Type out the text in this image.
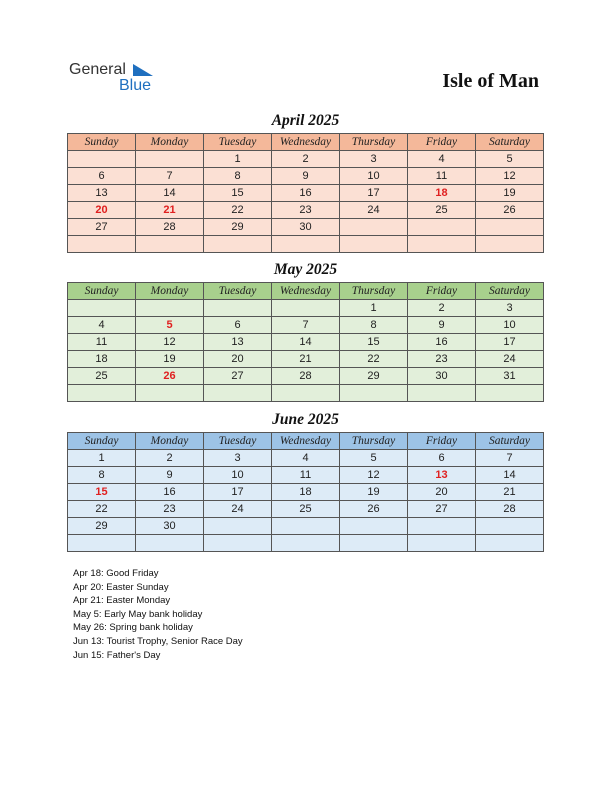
General
Blue	Isle of Man
April 2025
Sunday	Monday	Tuesday	Wednesday	Thursday	Friday	Saturday
		1	2	3	4	5
6	7	8	9	10	11	12
13	14	15	16	17	18	19
20	21	22	23	24	25	26
27	28	29	30			

May 2025
Sunday	Monday	Tuesday	Wednesday	Thursday	Friday	Saturday
				1	2	3
4	5	6	7	8	9	10
11	12	13	14	15	16	17
18	19	20	21	22	23	24
25	26	27	28	29	30	31

June 2025
Sunday	Monday	Tuesday	Wednesday	Thursday	Friday	Saturday
1	2	3	4	5	6	7
8	9	10	11	12	13	14
15	16	17	18	19	20	21
22	23	24	25	26	27	28
29	30					

Apr 18: Good Friday
Apr 20: Easter Sunday
Apr 21: Easter Monday
May 5: Early May bank holiday
May 26: Spring bank holiday
Jun 13: Tourist Trophy, Senior Race Day
Jun 15: Father's Day
